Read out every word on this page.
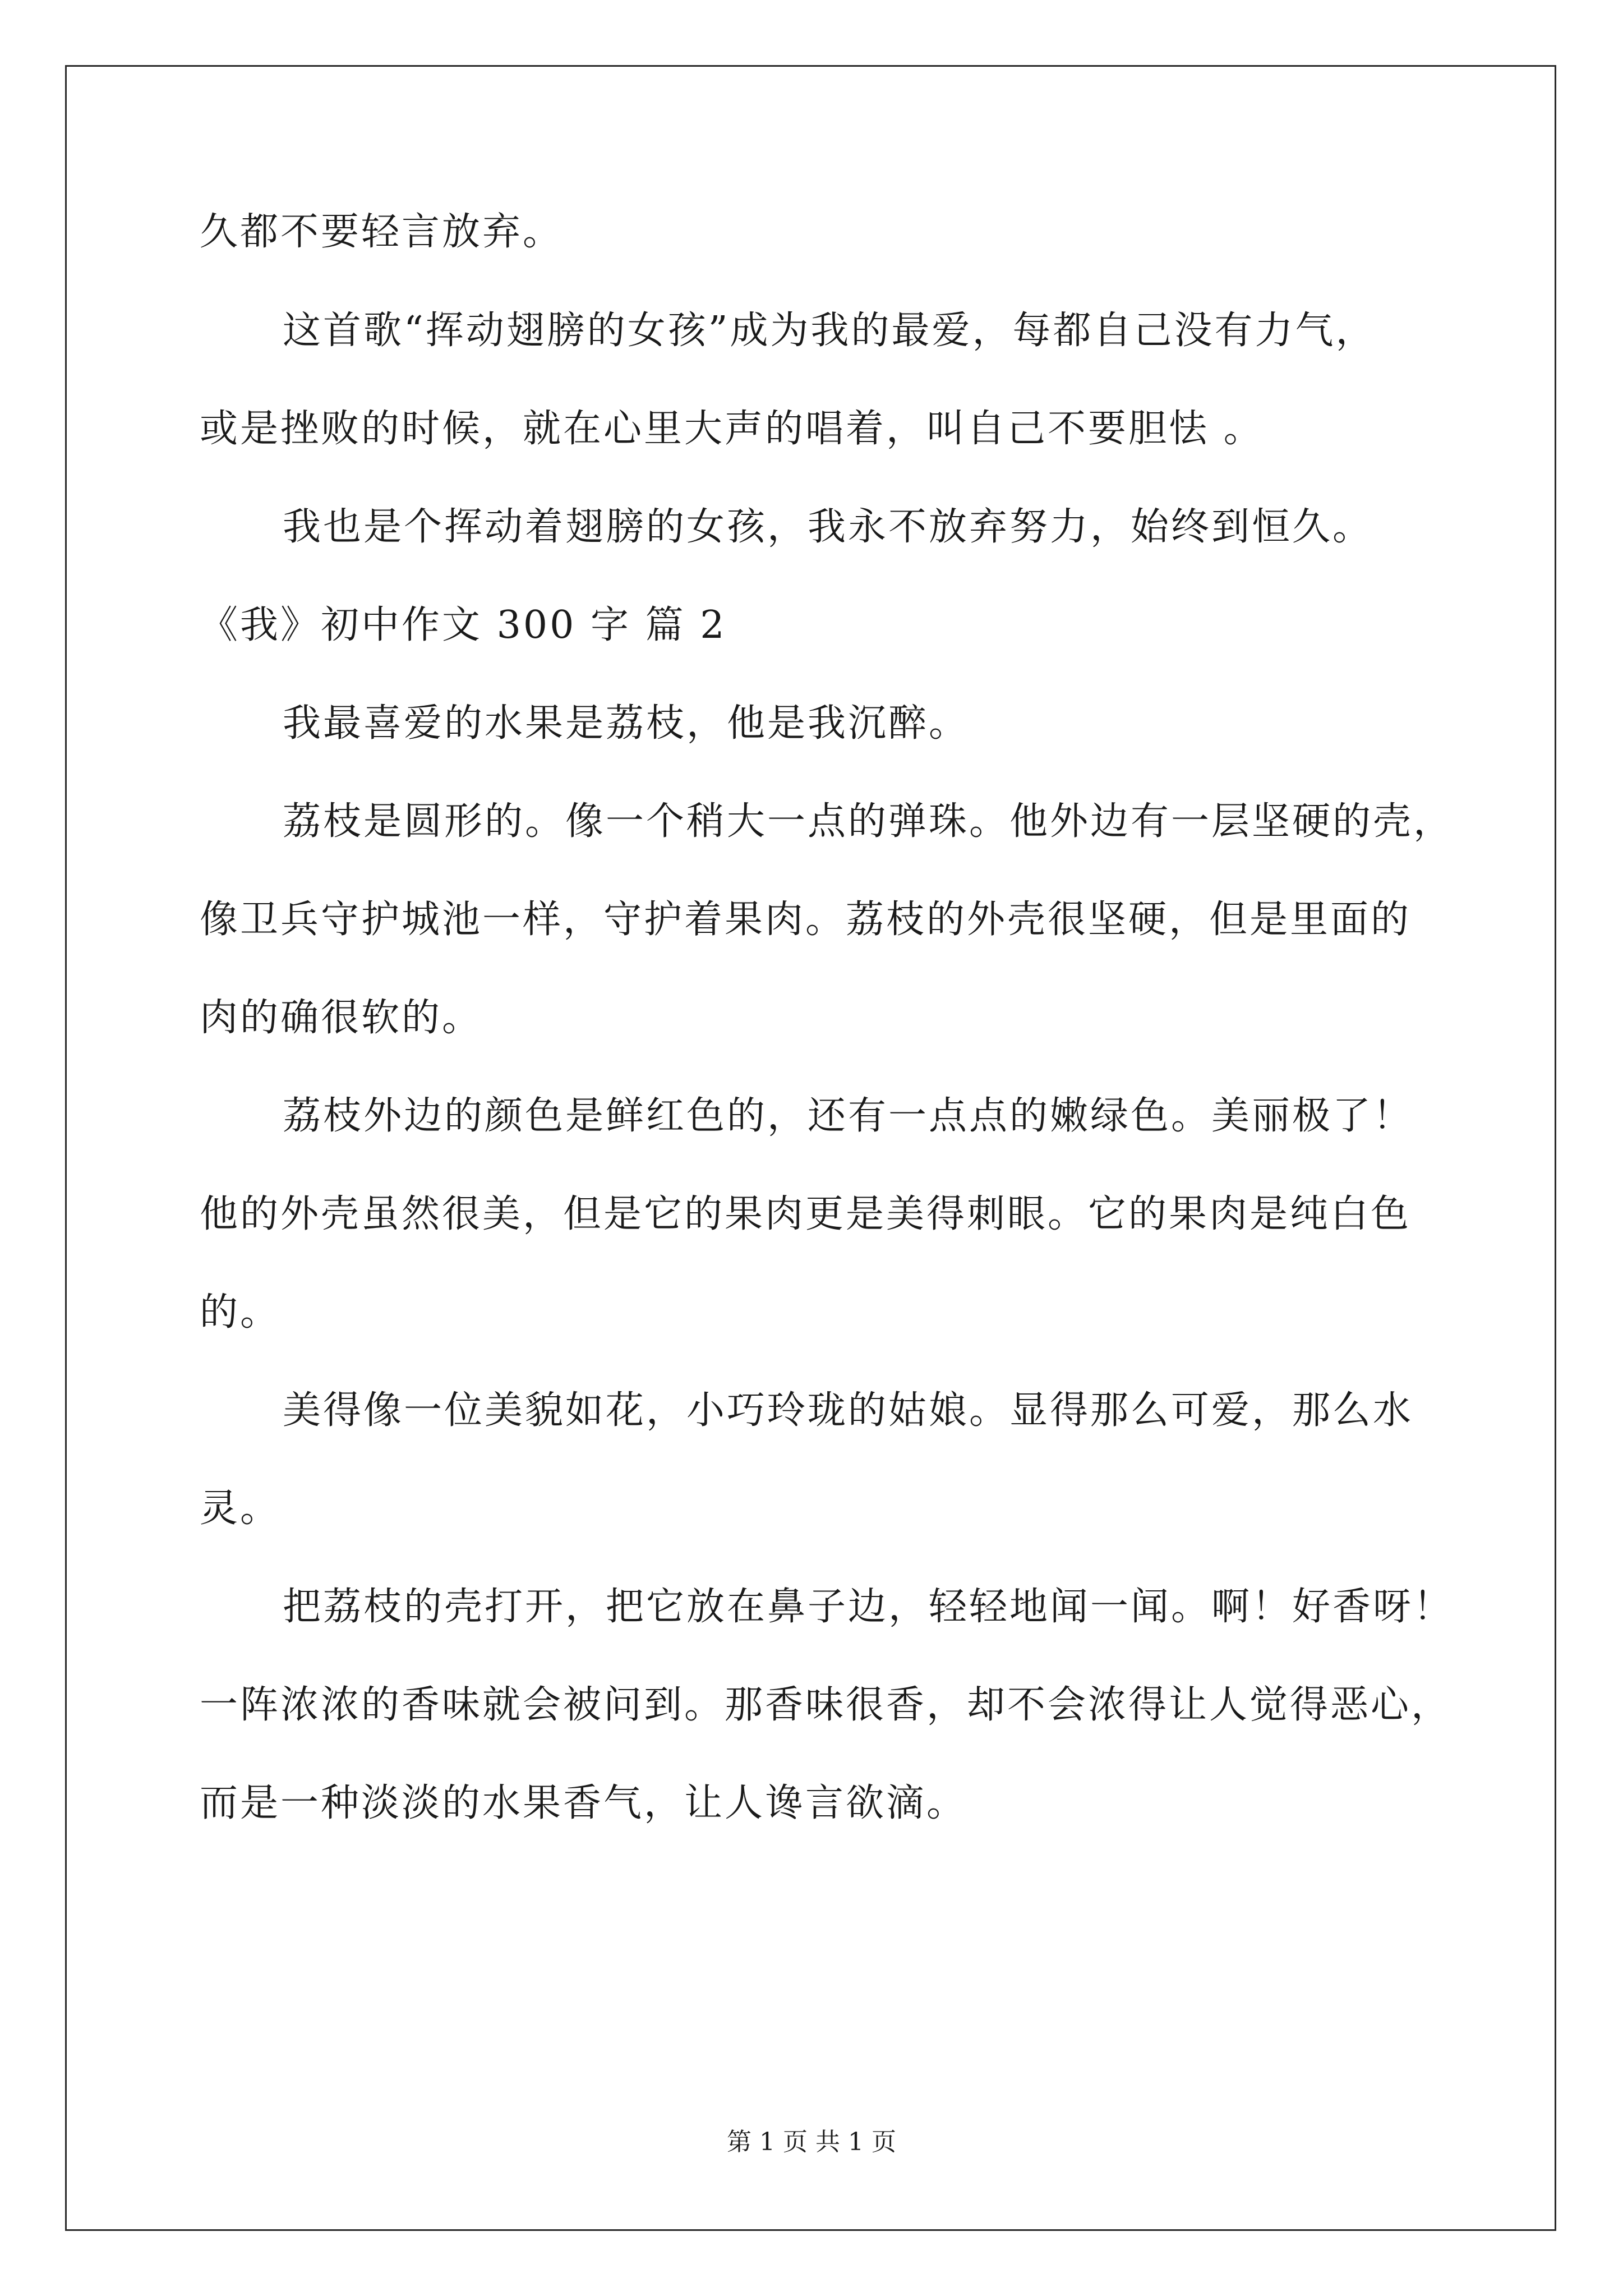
久都不要轻言放弃。
这首歌“挥动翅膀的女孩”成为我的最爱，每都自己没有力气，
或是挫败的时候，就在心里大声的唱着，叫自己不要胆怯 。
我也是个挥动着翅膀的女孩，我永不放弃努力，始终到恒久。
《我》初中作文 300 字 篇 2
我最喜爱的水果是荔枝，他是我沉醉。
荔枝是圆形的。像一个稍大一点的弹珠。他外边有一层坚硬的壳，
像卫兵守护城池一样，守护着果肉。荔枝的外壳很坚硬，但是里面的
肉的确很软的。
荔枝外边的颜色是鲜红色的，还有一点点的嫩绿色。美丽极了！
他的外壳虽然很美，但是它的果肉更是美得刺眼。它的果肉是纯白色
的。
美得像一位美貌如花，小巧玲珑的姑娘。显得那么可爱，那么水
灵。
把荔枝的壳打开，把它放在鼻子边，轻轻地闻一闻。啊！好香呀！
一阵浓浓的香味就会被问到。那香味很香，却不会浓得让人觉得恶心，
而是一种淡淡的水果香气，让人谗言欲滴。
第 1 页 共 1 页
